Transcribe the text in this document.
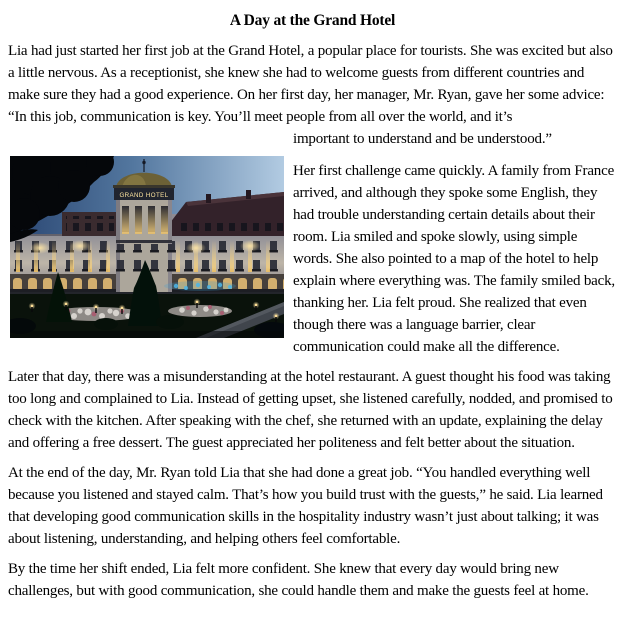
A Day at the Grand Hotel

Lia had just started her first job at the Grand Hotel, a popular place for tourists. She was excited but also a little nervous. As a receptionist, she knew she had to welcome guests from different countries and make sure they had a good experience. On her first day, her manager, Mr. Ryan, gave her some advice: “In this job, communication is key. You’ll meet people from all over the world, and it’s

important to understand and be understood.”
GRAND HOTEL

Her first challenge came quickly. A family from France arrived, and although they spoke some English, they had trouble understanding certain details about their room. Lia smiled and spoke slowly, using simple words. She also pointed to a map of the hotel to help explain where everything was. The family smiled back, thanking her. Lia felt proud. She realized that even though there was a language barrier, clear communication could make all the difference.

Later that day, there was a misunderstanding at the hotel restaurant. A guest thought his food was taking too long and complained to Lia. Instead of getting upset, she listened carefully, nodded, and promised to check with the kitchen. After speaking with the chef, she returned with an update, explaining the delay and offering a free dessert. The guest appreciated her politeness and felt better about the situation.

At the end of the day, Mr. Ryan told Lia that she had done a great job. “You handled everything well because you listened and stayed calm. That’s how you build trust with the guests,” he said. Lia learned that developing good communication skills in the hospitality industry wasn’t just about talking; it was about listening, understanding, and helping others feel comfortable.

By the time her shift ended, Lia felt more confident. She knew that every day would bring new challenges, but with good communication, she could handle them and make the guests feel at home.
